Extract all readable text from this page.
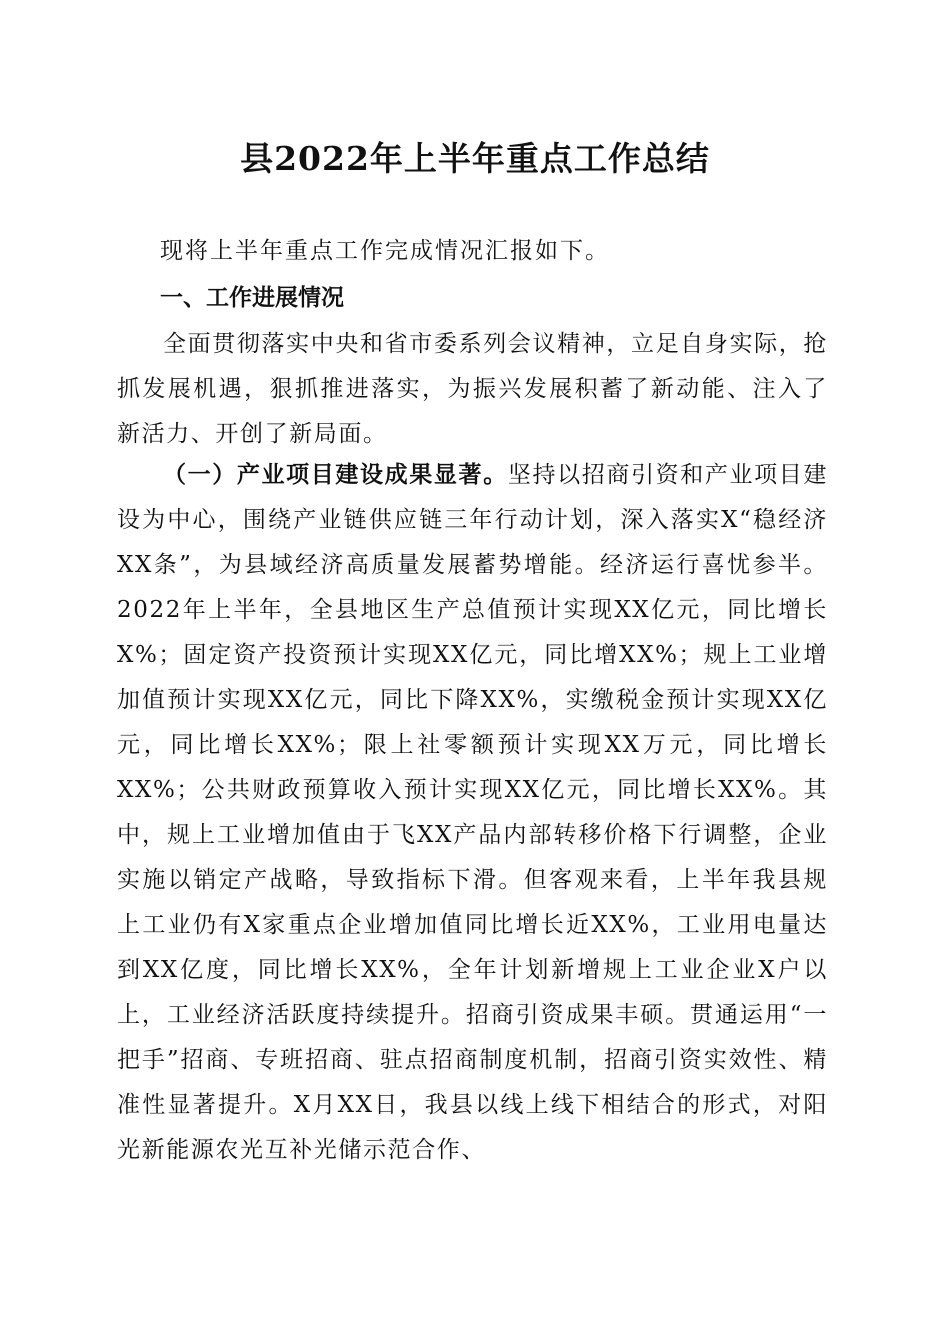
县2022年上半年重点工作总结

现将上半年重点工作完成情况汇报如下。

一、工作进展情况

全面贯彻落实中央和省市委系列会议精神，立足自身实际，抢抓发展机遇，狠抓推进落实，为振兴发展积蓄了新动能、注入了新活力、开创了新局面。

（一）产业项目建设成果显著。坚持以招商引资和产业项目建设为中心，围绕产业链供应链三年行动计划，深入落实X“稳经济XX条”，为县域经济高质量发展蓄势增能。经济运行喜忧参半。2022年上半年，全县地区生产总值预计实现XX亿元，同比增长X%；固定资产投资预计实现XX亿元，同比增XX%；规上工业增加值预计实现XX亿元，同比下降XX%，实缴税金预计实现XX亿元，同比增长XX%；限上社零额预计实现XX万元，同比增长XX%；公共财政预算收入预计实现XX亿元，同比增长XX%。其中，规上工业增加值由于飞XX产品内部转移价格下行调整，企业实施以销定产战略，导致指标下滑。但客观来看，上半年我县规上工业仍有X家重点企业增加值同比增长近XX%，工业用电量达到XX亿度，同比增长XX%，全年计划新增规上工业企业X户以上，工业经济活跃度持续提升。招商引资成果丰硕。贯通运用“一把手”招商、专班招商、驻点招商制度机制，招商引资实效性、精准性显著提升。X月XX日，我县以线上线下相结合的形式，对阳光新能源农光互补光储示范合作、
